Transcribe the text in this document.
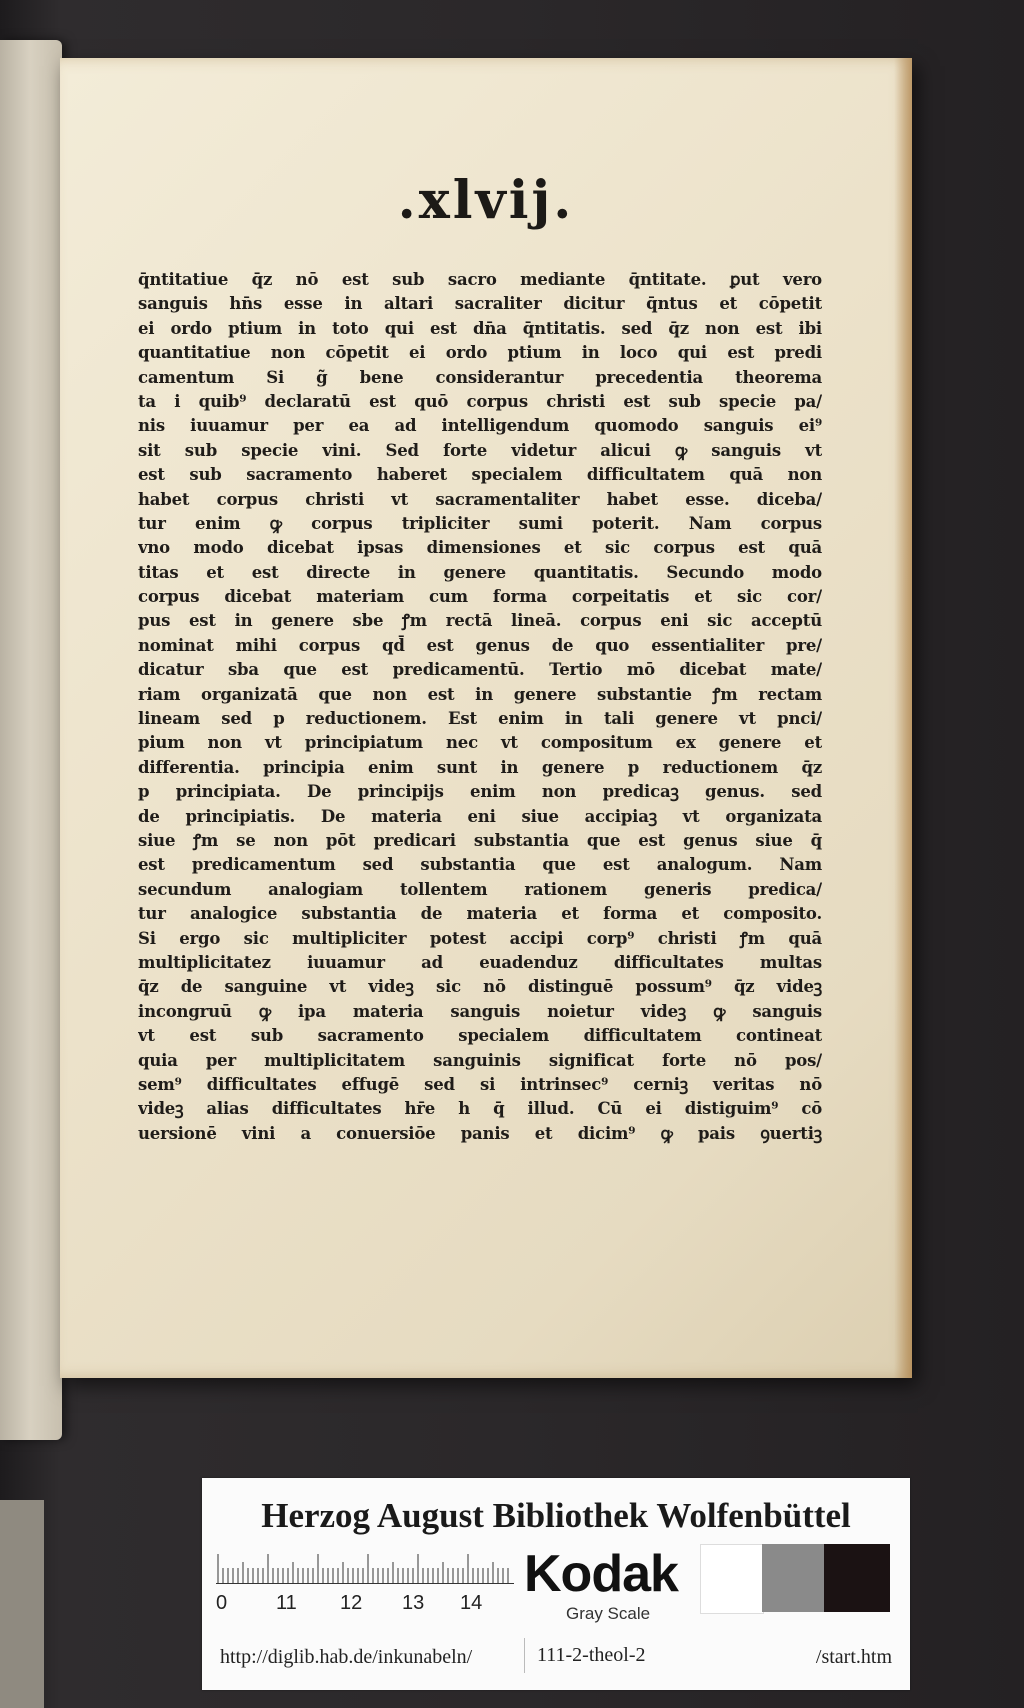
.xlvij.
q̄ntitatiue q̄z nō est sub sacro mediante q̄ntitate. ꝑut vero
sanguis hn̄s esse in altari sacraliter dicitur q̄ntus et cōpetit
ei ordo ptium in toto qui est dn̄a q̄ntitatis. sed q̄z non est ibi
quantitatiue non cōpetit ei ordo ptium in loco qui est predi
camentum Si g̃ bene considerantur precedentia theorema
ta i quib⁹ declaratū est quō corpus christi est sub specie pa/
nis iuuamur per ea ad intelligendum quomodo sanguis ei⁹
sit sub specie vini. Sed forte videtur alicui ꝙ sanguis vt
est sub sacramento haberet specialem difficultatem quā non
habet corpus christi vt sacramentaliter habet esse. diceba/
tur enim ꝙ corpus tripliciter sumi poterit. Nam corpus
vno modo dicebat ipsas dimensiones et sic corpus est quā
titas et est directe in genere quantitatis. Secundo modo
corpus dicebat materiam cum forma corpeitatis et sic cor/
pus est in genere sbe ꝭm rectā lineā. corpus eni sic acceptū
nominat mihi corpus qd̄ est genus de quo essentialiter pre/
dicatur sba que est predicamentū. Tertio mō dicebat mate/
riam organizatā que non est in genere substantie ꝭm rectam
lineam sed p reductionem. Est enim in tali genere vt pnci/
pium non vt principiatum nec vt compositum ex genere et
differentia. principia enim sunt in genere p reductionem q̄z
p principiata. De principijs enim non predicaꝫ genus. sed
de principiatis. De materia eni siue accipiaꝫ vt organizata
siue ꝭm se non pōt predicari substantia que est genus siue q̄
est predicamentum sed substantia que est analogum. Nam
secundum analogiam tollentem rationem generis predica/
tur analogice substantia de materia et forma et composito.
Si ergo sic multipliciter potest accipi corp⁹ christi ꝭm quā
multiplicitatez iuuamur ad euadenduz difficultates multas
q̄z de sanguine vt videꝫ sic nō distinguē possum⁹ q̄z videꝫ
incongruū ꝙ ipa materia sanguis noietur videꝫ ꝙ sanguis
vt est sub sacramento specialem difficultatem contineat
quia per multiplicitatem sanguinis significat forte nō pos/
sem⁹ difficultates effugē sed si intrinsec⁹ cerniꝫ veritas nō
videꝫ alias difficultates hr̄e h q̄ illud. Cū ei distiguim⁹ cō
uersionē vini a conuersiōe panis et dicim⁹ ꝙ pais ꝯuertiꝫ
Herzog August Bibliothek Wolfenbüttel
0 11 12 13 14 Kodak
Gray Scale
http://diglib.hab.de/inkunabeln/	111-2-theol-2	/start.htm
